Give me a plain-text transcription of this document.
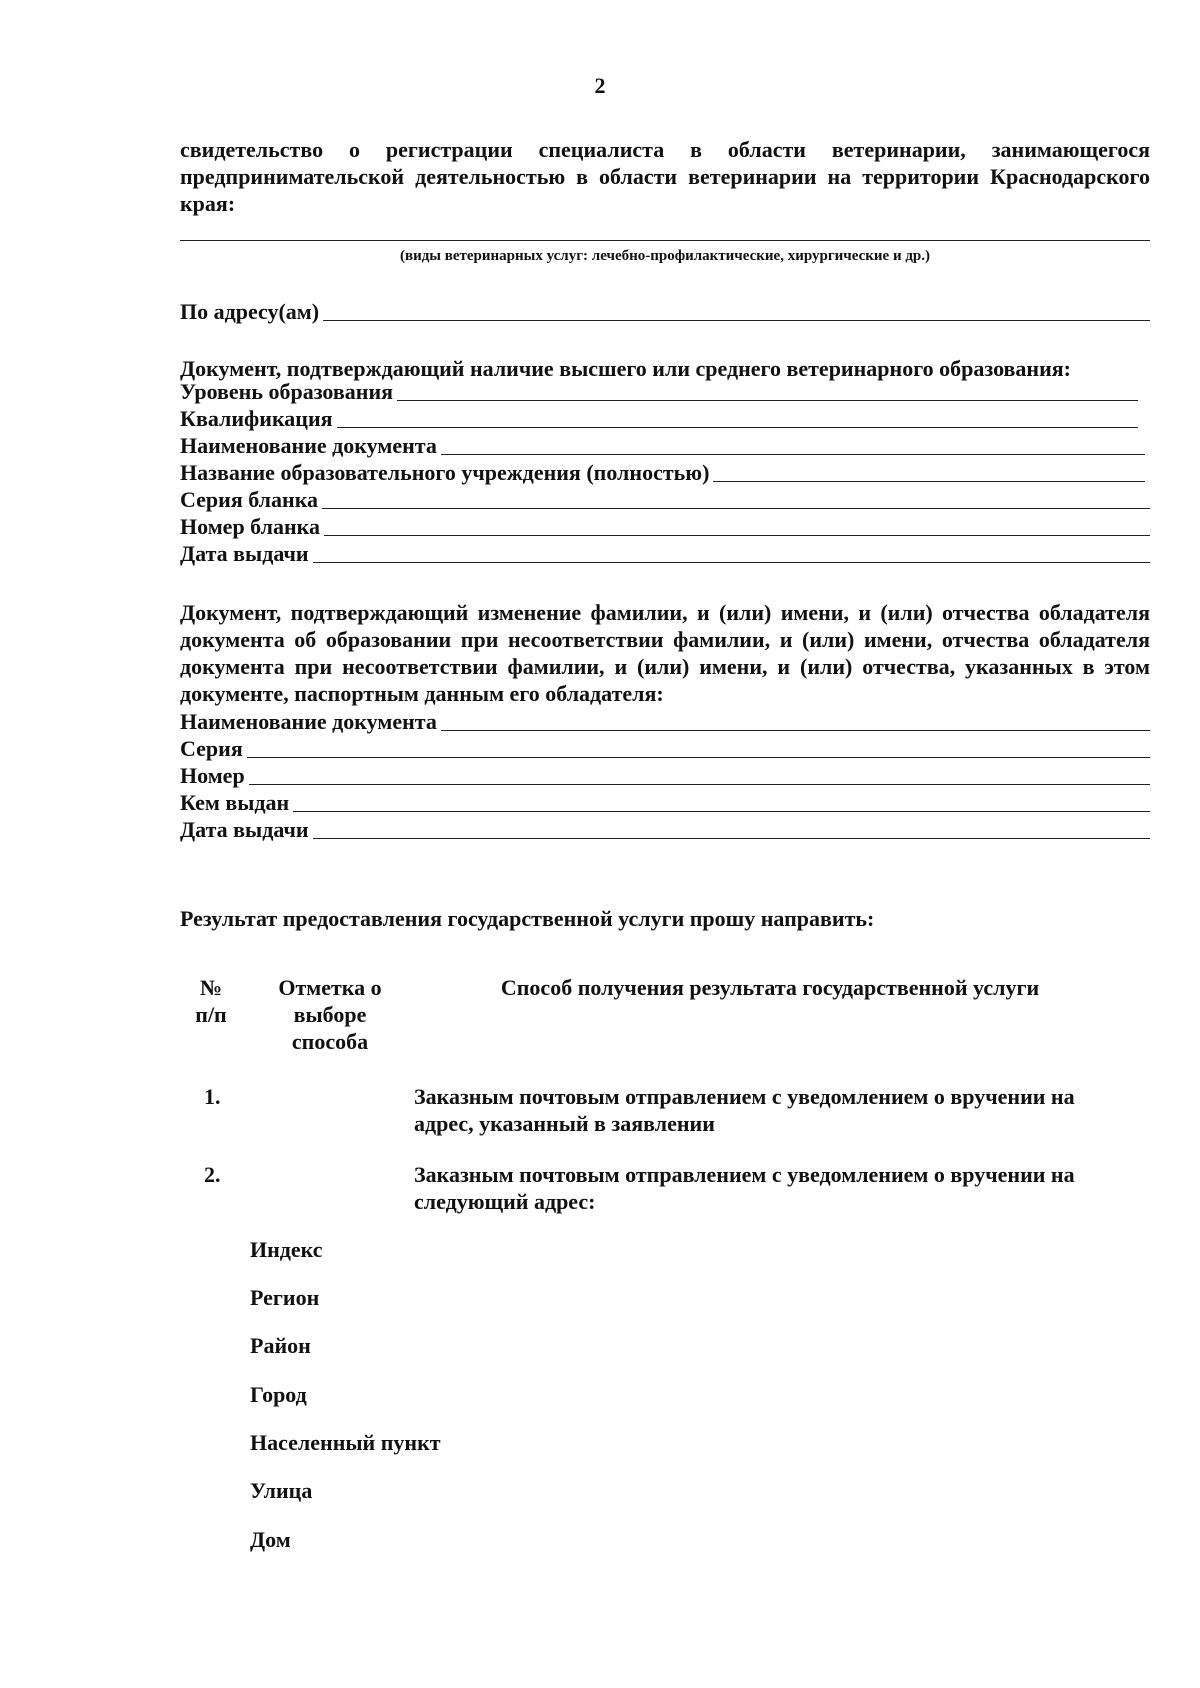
2
свидетельство о регистрации специалиста в области ветеринарии, занимающегося предпринимательской деятельностью в области ветеринарии на территории Краснодарского края:
(виды ветеринарных услуг: лечебно-профилактические, хирургические и др.)
По адресу(ам)
Документ, подтверждающий наличие высшего или среднего ветеринарного образования:
Уровень образования
Квалификация
Наименование документа
Название образовательного учреждения (полностью)
Серия бланка
Номер бланка
Дата выдачи
Документ, подтверждающий изменение фамилии, и (или) имени, и (или) отчества обладателя документа об образовании при несоответствии фамилии, и (или) имени, отчества обладателя документа при несоответствии фамилии, и (или) имени, и (или) отчества, указанных в этом документе, паспортным данным его обладателя:
Наименование документа
Серия
Номер
Кем выдан
Дата выдачи
Результат предоставления государственной услуги прошу направить:
№
п/п
Отметка о
выборе
способа
Способ получения результата государственной услуги
1.	Заказным почтовым отправлением с уведомлением о вручении на
адрес, указанный в заявлении
2.	Заказным почтовым отправлением с уведомлением о вручении на
следующий адрес:
Индекс
Регион
Район
Город
Населенный пункт
Улица
Дом
